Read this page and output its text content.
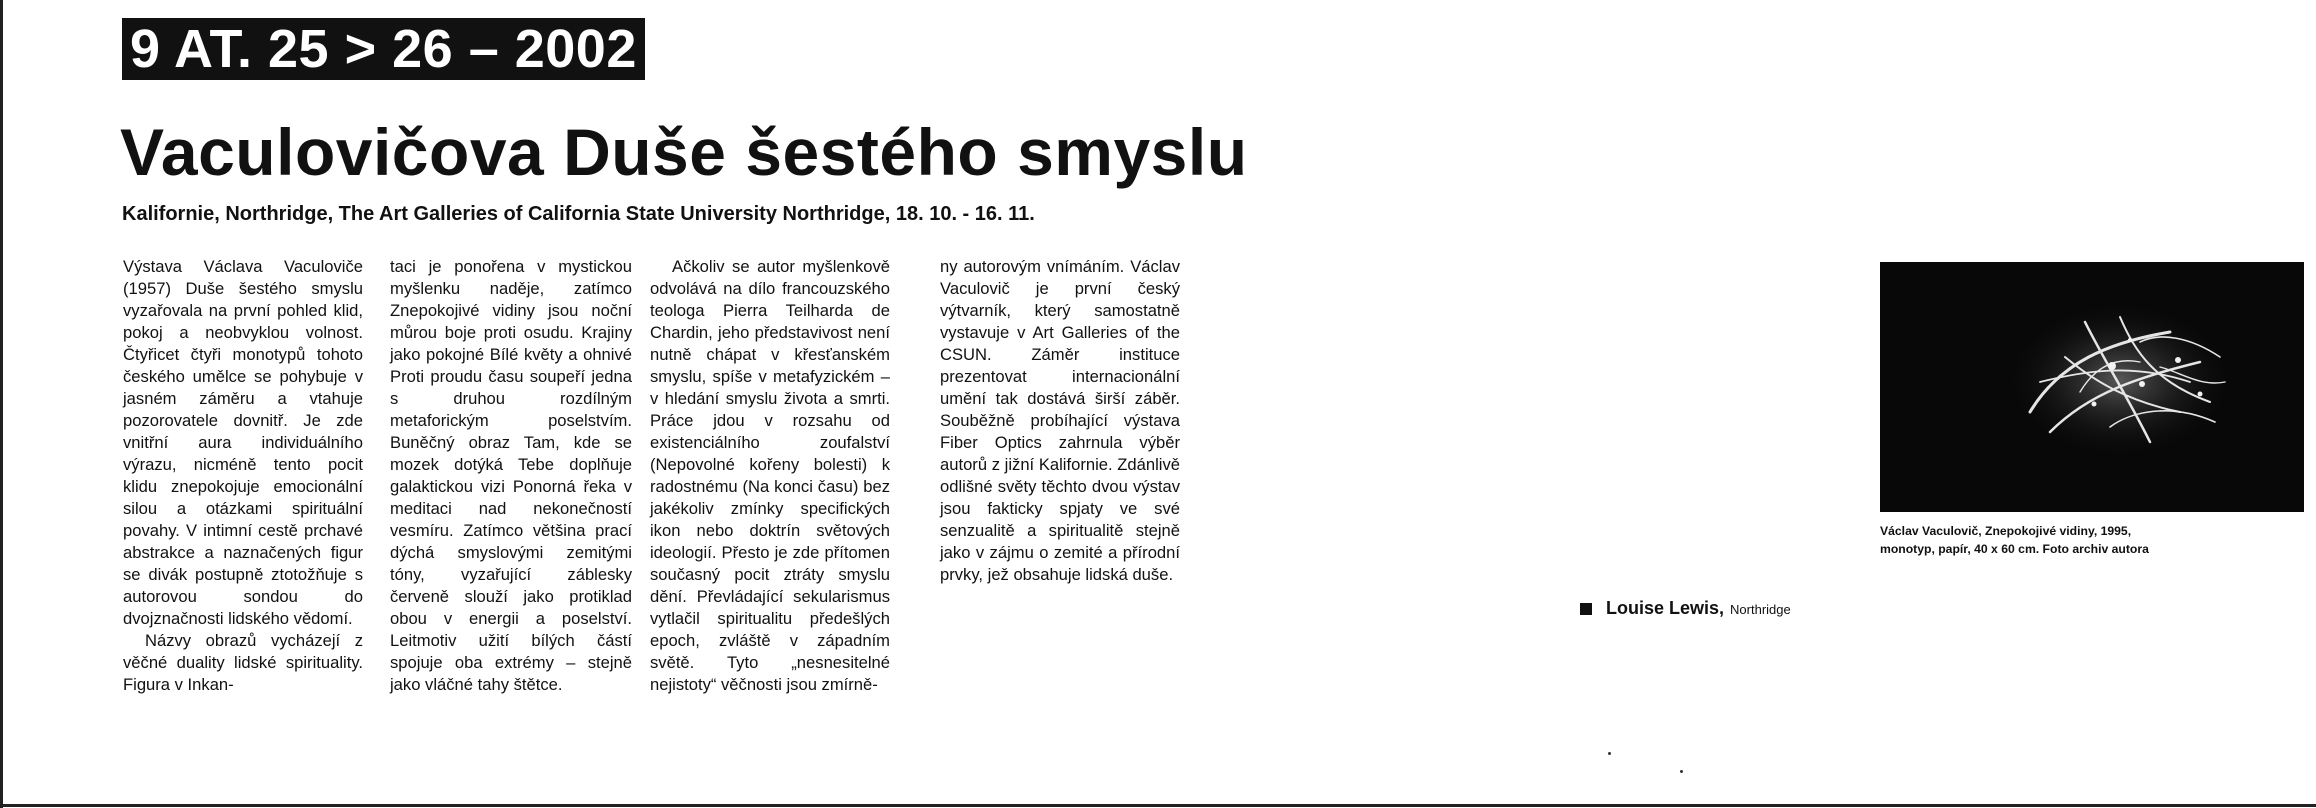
9 AT. 25 > 26 – 2002
Vaculovičova Duše šestého smyslu
Kalifornie, Northridge, The Art Galleries of California State University Northridge, 18. 10. - 16. 11.

Výstava Václava Vaculoviče (1957) Duše šestého smyslu vyzařovala na první pohled klid, pokoj a neobvyklou volnost. Čtyřicet čtyři monotypů tohoto českého umělce se pohybuje v jasném záměru a vtahuje pozorovatele dovnitř. Je zde vnitřní aura individuálního výrazu, nicméně tento pocit klidu znepokojuje emocionální silou a otázkami spirituální povahy. V intimní cestě prchavé abstrakce a naznačených figur se divák postupně ztotožňuje s autorovou sondou do dvojznačnosti lidského vědomí.

Názvy obrazů vycházejí z věčné duality lidské spirituality. Figura v Inkan-

taci je ponořena v mystickou myšlenku naděje, zatímco Znepokojivé vidiny jsou noční můrou boje proti osudu. Krajiny jako pokojné Bílé květy a ohnivé Proti proudu času soupeří jedna s druhou rozdílným metaforickým poselstvím. Buněčný obraz Tam, kde se mozek dotýká Tebe doplňuje galaktickou vizi Ponorná řeka v meditaci nad nekonečností vesmíru. Zatímco většina prací dýchá smyslovými zemitými tóny, vyzařující záblesky červeně slouží jako protiklad obou v energii a poselství. Leitmotiv užití bílých částí spojuje oba extrémy – stejně jako vláčné tahy štětce.

Ačkoliv se autor myšlenkově odvolává na dílo francouzského teologa Pierra Teilharda de Chardin, jeho představivost není nutně chápat v křesťanském smyslu, spíše v metafyzickém – v hledání smyslu života a smrti. Práce jdou v rozsahu od existenciálního zoufalství (Nepovolné kořeny bolesti) k radostnému (Na konci času) bez jakékoliv zmínky specifických ikon nebo doktrín světových ideologií. Přesto je zde přítomen současný pocit ztráty smyslu dění. Převládající sekularismus vytlačil spiritualitu předešlých epoch, zvláště v západním světě. Tyto „nesnesitelné nejistoty“ věčnosti jsou zmírně-

ny autorovým vnímáním. Václav Vaculovič je první český výtvarník, který samostatně vystavuje v Art Galleries of the CSUN. Záměr instituce prezentovat internacionální umění tak dostává širší záběr. Souběžně probíhající výstava Fiber Optics zahrnula výběr autorů z jižní Kalifornie. Zdánlivě odlišné světy těchto dvou výstav jsou fakticky spjaty ve své senzualitě a spiritualitě stejně jako v zájmu o zemité a přírodní prvky, jež obsahuje lidská duše.

Louise Lewis, Northridge
Václav Vaculovič, Znepokojivé vidiny, 1995,
monotyp, papír, 40 x 60 cm. Foto archiv autora
